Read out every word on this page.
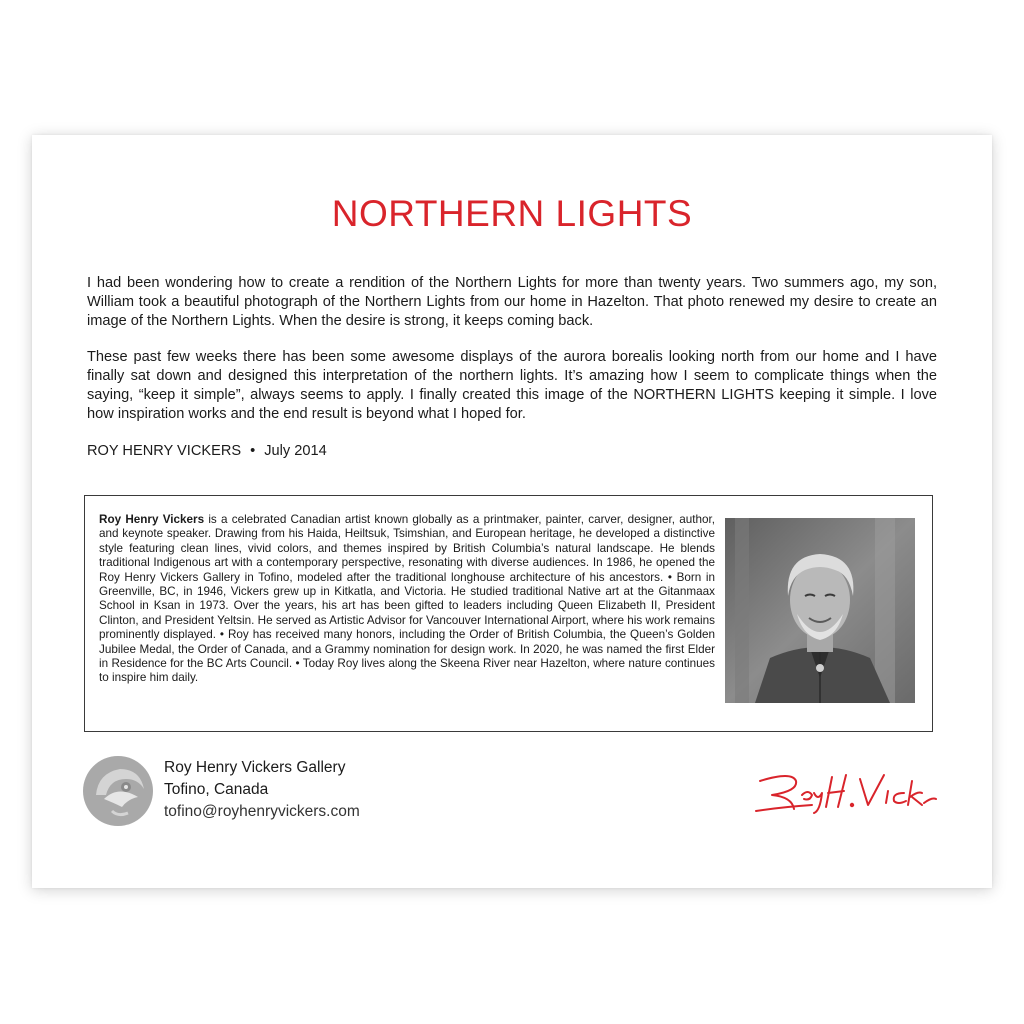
NORTHERN LIGHTS

I had been wondering how to create a rendition of the Northern Lights for more than twenty years. Two summers ago, my son, William took a beautiful photograph of the Northern Lights from our home in Hazelton. That photo renewed my desire to create an image of the Northern Lights. When the desire is strong, it keeps coming back.

These past few weeks there has been some awesome displays of the aurora borealis looking north from our home and I have finally sat down and designed this interpretation of the northern lights. It’s amazing how I seem to complicate things when the saying, “keep it simple”, always seems to apply. I finally created this image of the NORTHERN LIGHTS keeping it simple. I love how inspiration works and the end result is beyond what I hoped for.

ROY HENRY VICKERS • July 2014

Roy Henry Vickers is a celebrated Canadian artist known globally as a printmaker, painter, carver, designer, author, and keynote speaker. Drawing from his Haida, Heiltsuk, Tsimshian, and European heritage, he developed a distinctive style featuring clean lines, vivid colors, and themes inspired by British Columbia’s natural landscape. He blends traditional Indigenous art with a contemporary perspective, resonating with diverse audiences. In 1986, he opened the Roy Henry Vickers Gallery in Tofino, modeled after the traditional longhouse architecture of his ancestors. • Born in Greenville, BC, in 1946, Vickers grew up in Kitkatla, and Victoria. He studied traditional Native art at the Gitanmaax School in Ksan in 1973. Over the years, his art has been gifted to leaders including Queen Elizabeth II, President Clinton, and President Yeltsin. He served as Artistic Advisor for Vancouver International Airport, where his work remains prominently displayed. • Roy has received many honors, including the Order of British Columbia, the Queen’s Golden Jubilee Medal, the Order of Canada, and a Grammy nomination for design work. In 2020, he was named the first Elder in Residence for the BC Arts Council. • Today Roy lives along the Skeena River near Hazelton, where nature continues to inspire him daily.

Roy Henry Vickers Gallery

Tofino, Canada

tofino@royhenryvickers.com
